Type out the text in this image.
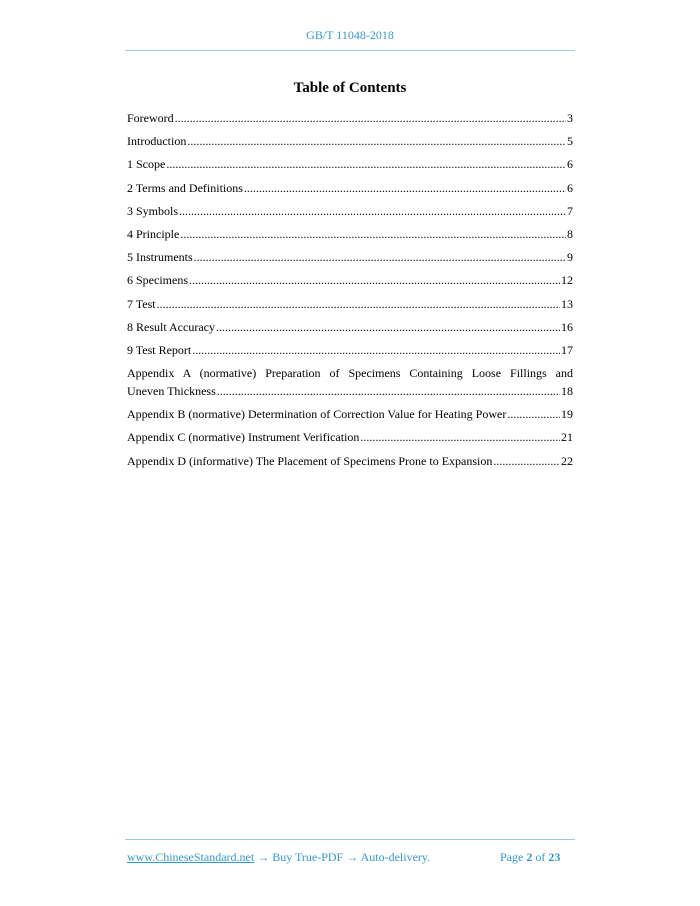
GB/T 11048-2018
Table of Contents
Foreword .....	3
Introduction .....	5
1 Scope .....	6
2 Terms and Definitions .....	6
3 Symbols .....	7
4 Principle .....	8
5 Instruments .....	9
6 Specimens .....	12
7 Test .....	13
8 Result Accuracy .....	16
9 Test Report .....	17
Appendix A (normative) Preparation of Specimens Containing Loose Fillings and
Uneven Thickness .....	18
Appendix B (normative) Determination of Correction Value for Heating Power .....	19
Appendix C (normative) Instrument Verification .....	21
Appendix D (informative) The Placement of Specimens Prone to Expansion .....	22
www.ChineseStandard.net → Buy True-PDF → Auto-delivery.	Page 2 of 23
